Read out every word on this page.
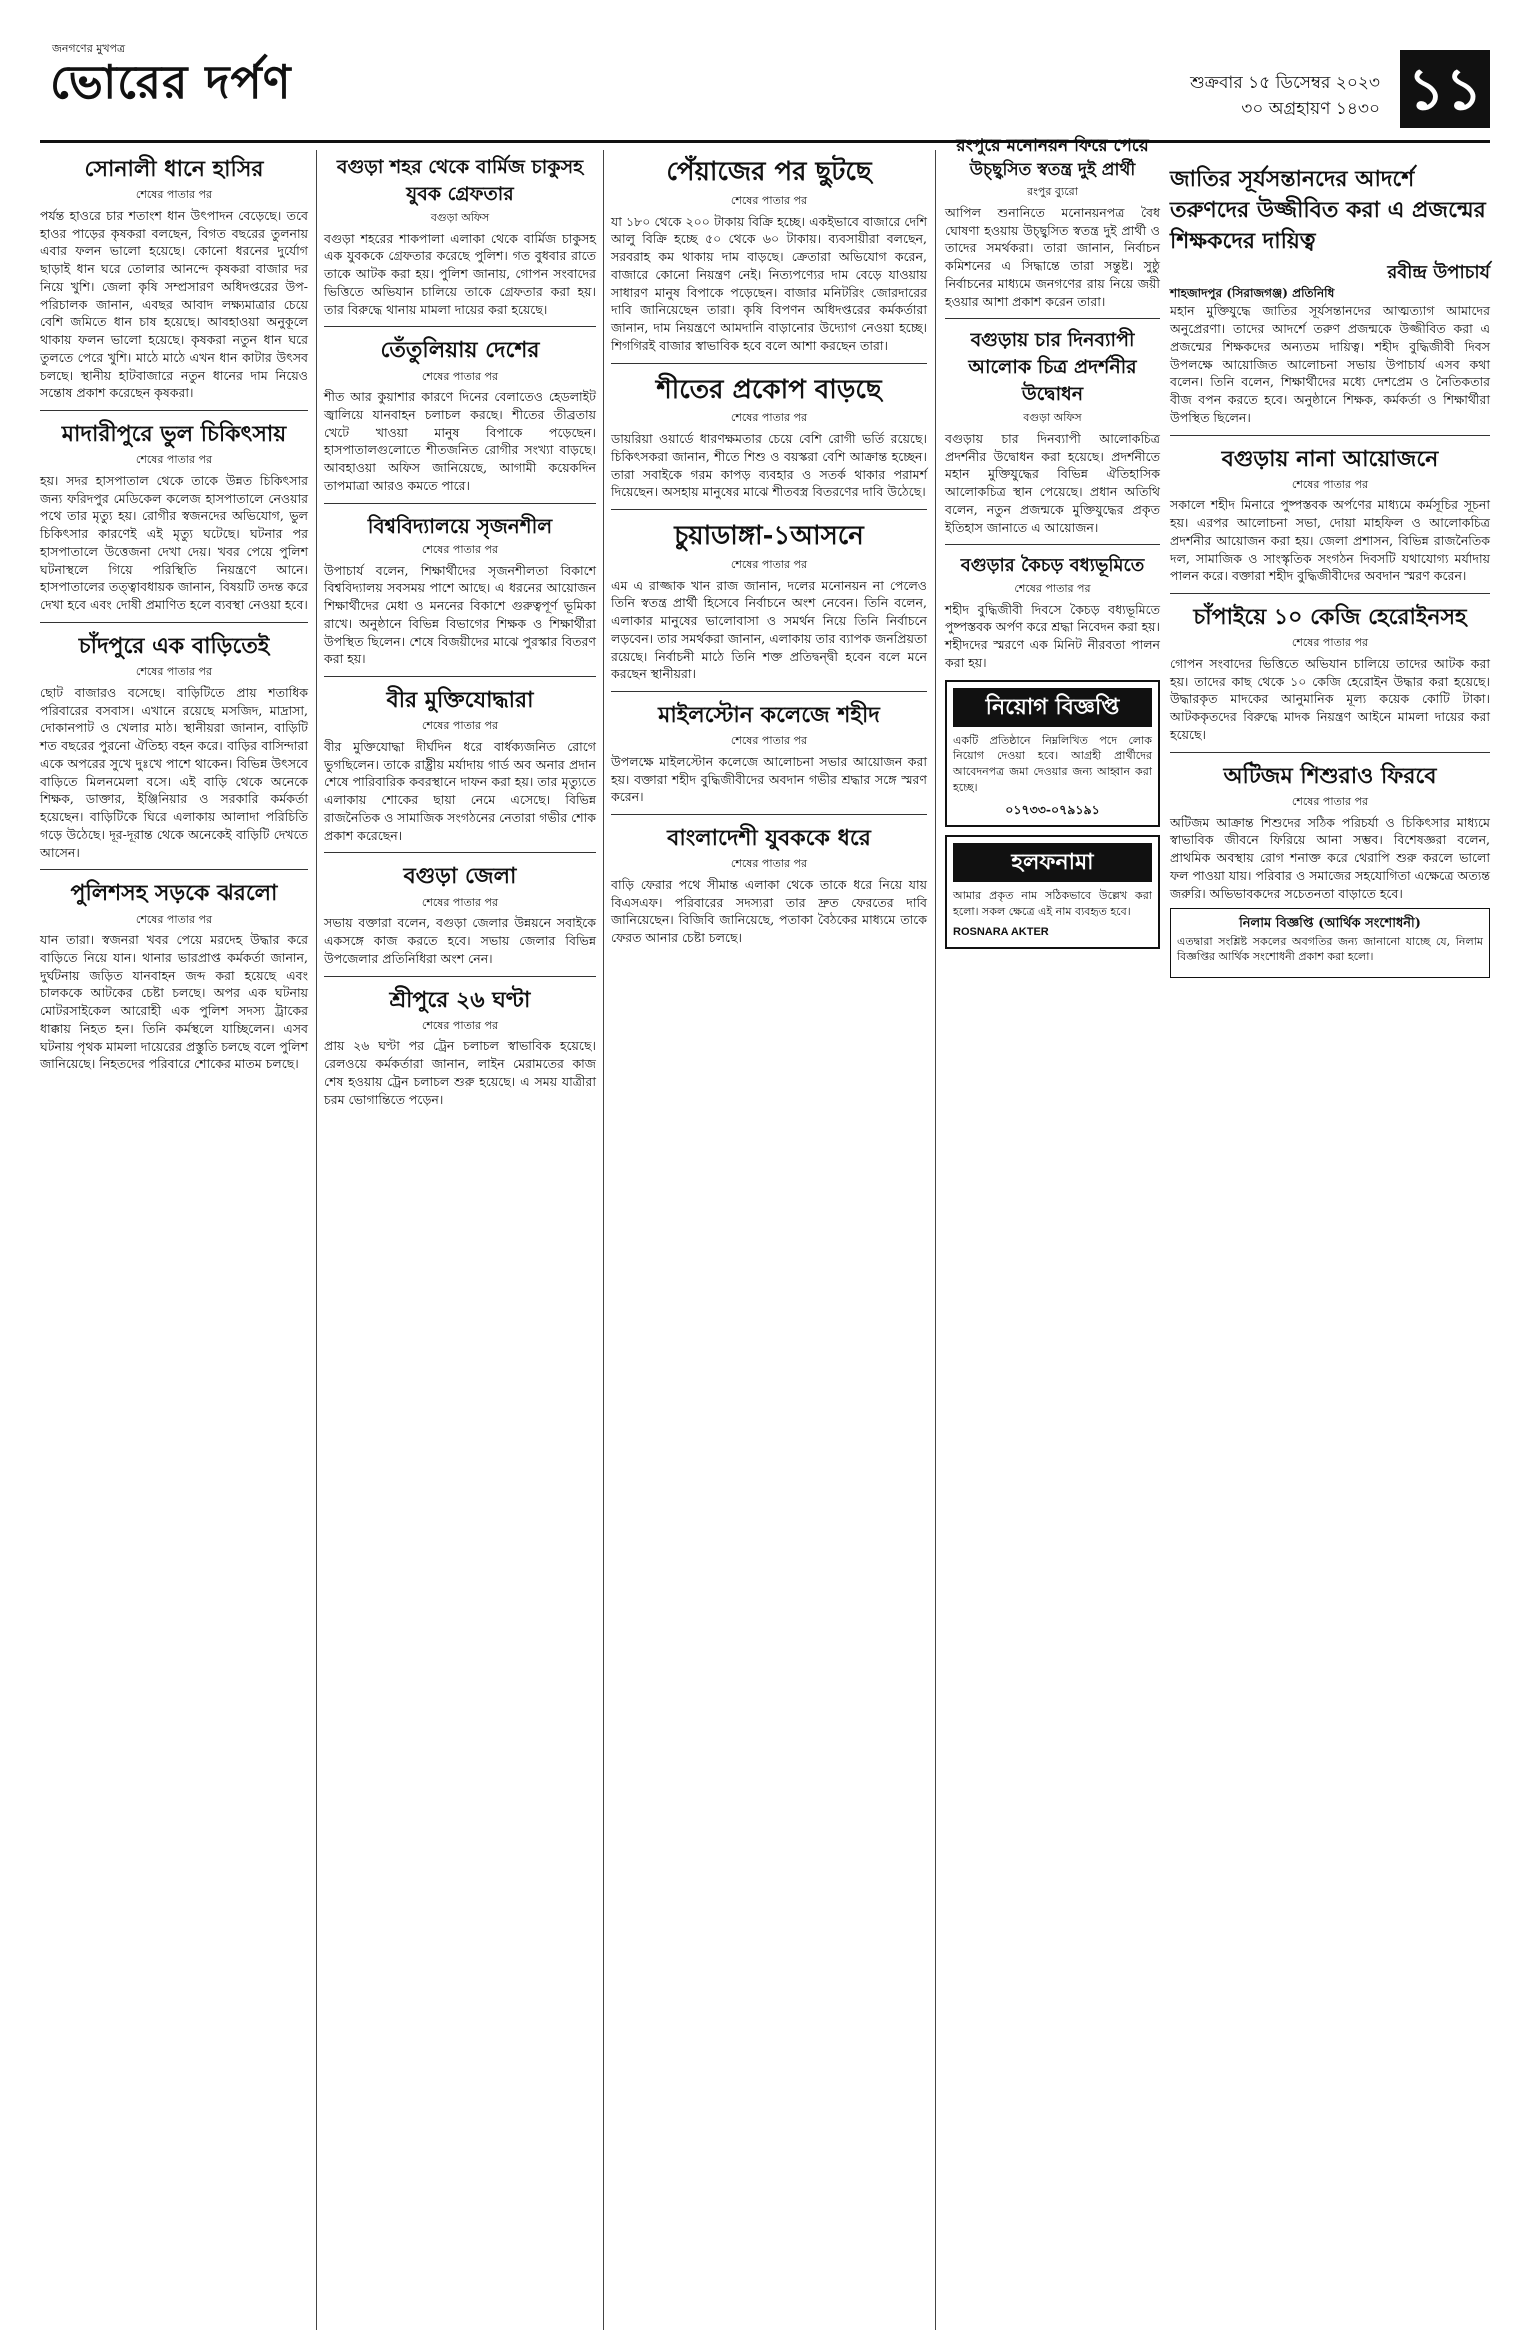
জনগণের মুখপত্র
ভোরের দর্পণ	শুক্রবার ১৫ ডিসেম্বর ২০২৩
৩০ অগ্রহায়ণ ১৪৩০ ১১
সোনালী ধানে হাসির
শেষের পাতার পর

পর্যন্ত হাওরে চার শতাংশ ধান উৎপাদন বেড়েছে। তবে হাওর পাড়ের কৃষকরা বলছেন, বিগত বছরের তুলনায় এবার ফলন ভালো হয়েছে। কোনো ধরনের দুর্যোগ ছাড়াই ধান ঘরে তোলার আনন্দে কৃষকরা বাজার দর নিয়ে খুশি। জেলা কৃষি সম্প্রসারণ অধিদপ্তরের উপ-পরিচালক জানান, এবছর আবাদ লক্ষ্যমাত্রার চেয়ে বেশি জমিতে ধান চাষ হয়েছে। আবহাওয়া অনুকূলে থাকায় ফলন ভালো হয়েছে। কৃষকরা নতুন ধান ঘরে তুলতে পেরে খুশি। মাঠে মাঠে এখন ধান কাটার উৎসব চলছে। স্থানীয় হাটবাজারে নতুন ধানের দাম নিয়েও সন্তোষ প্রকাশ করেছেন কৃষকরা।

মাদারীপুরে ভুল চিকিৎসায়
শেষের পাতার পর

হয়। সদর হাসপাতাল থেকে তাকে উন্নত চিকিৎসার জন্য ফরিদপুর মেডিকেল কলেজ হাসপাতালে নেওয়ার পথে তার মৃত্যু হয়। রোগীর স্বজনদের অভিযোগ, ভুল চিকিৎসার কারণেই এই মৃত্যু ঘটেছে। ঘটনার পর হাসপাতালে উত্তেজনা দেখা দেয়। খবর পেয়ে পুলিশ ঘটনাস্থলে গিয়ে পরিস্থিতি নিয়ন্ত্রণে আনে। হাসপাতালের তত্ত্বাবধায়ক জানান, বিষয়টি তদন্ত করে দেখা হবে এবং দোষী প্রমাণিত হলে ব্যবস্থা নেওয়া হবে।

চাঁদপুরে এক বাড়িতেই
শেষের পাতার পর

ছোট বাজারও বসেছে। বাড়িটিতে প্রায় শতাধিক পরিবারের বসবাস। এখানে রয়েছে মসজিদ, মাদ্রাসা, দোকানপাট ও খেলার মাঠ। স্থানীয়রা জানান, বাড়িটি শত বছরের পুরনো ঐতিহ্য বহন করে। বাড়ির বাসিন্দারা একে অপরের সুখে দুঃখে পাশে থাকেন। বিভিন্ন উৎসবে বাড়িতে মিলনমেলা বসে। এই বাড়ি থেকে অনেকে শিক্ষক, ডাক্তার, ইঞ্জিনিয়ার ও সরকারি কর্মকর্তা হয়েছেন। বাড়িটিকে ঘিরে এলাকায় আলাদা পরিচিতি গড়ে উঠেছে। দূর-দূরান্ত থেকে অনেকেই বাড়িটি দেখতে আসেন।

পুলিশসহ সড়কে ঝরলো
শেষের পাতার পর

যান তারা। স্বজনরা খবর পেয়ে মরদেহ উদ্ধার করে বাড়িতে নিয়ে যান। থানার ভারপ্রাপ্ত কর্মকর্তা জানান, দুর্ঘটনায় জড়িত যানবাহন জব্দ করা হয়েছে এবং চালককে আটকের চেষ্টা চলছে। অপর এক ঘটনায় মোটরসাইকেল আরোহী এক পুলিশ সদস্য ট্রাকের ধাক্কায় নিহত হন। তিনি কর্মস্থলে যাচ্ছিলেন। এসব ঘটনায় পৃথক মামলা দায়েরের প্রস্তুতি চলছে বলে পুলিশ জানিয়েছে। নিহতদের পরিবারে শোকের মাতম চলছে।

বগুড়া শহর থেকে বার্মিজ চাকুসহ যুবক গ্রেফতার
বগুড়া অফিস

বগুড়া শহরের শাকপালা এলাকা থেকে বার্মিজ চাকুসহ এক যুবককে গ্রেফতার করেছে পুলিশ। গত বুধবার রাতে তাকে আটক করা হয়। পুলিশ জানায়, গোপন সংবাদের ভিত্তিতে অভিযান চালিয়ে তাকে গ্রেফতার করা হয়। তার বিরুদ্ধে থানায় মামলা দায়ের করা হয়েছে।

তেঁতুলিয়ায় দেশের
শেষের পাতার পর

শীত আর কুয়াশার কারণে দিনের বেলাতেও হেডলাইট জ্বালিয়ে যানবাহন চলাচল করছে। শীতের তীব্রতায় খেটে খাওয়া মানুষ বিপাকে পড়েছেন। হাসপাতালগুলোতে শীতজনিত রোগীর সংখ্যা বাড়ছে। আবহাওয়া অফিস জানিয়েছে, আগামী কয়েকদিন তাপমাত্রা আরও কমতে পারে।

বিশ্ববিদ্যালয়ে সৃজনশীল
শেষের পাতার পর

উপাচার্য বলেন, শিক্ষার্থীদের সৃজনশীলতা বিকাশে বিশ্ববিদ্যালয় সবসময় পাশে আছে। এ ধরনের আয়োজন শিক্ষার্থীদের মেধা ও মননের বিকাশে গুরুত্বপূর্ণ ভূমিকা রাখে। অনুষ্ঠানে বিভিন্ন বিভাগের শিক্ষক ও শিক্ষার্থীরা উপস্থিত ছিলেন। শেষে বিজয়ীদের মাঝে পুরস্কার বিতরণ করা হয়।

বীর মুক্তিযোদ্ধারা
শেষের পাতার পর

বীর মুক্তিযোদ্ধা দীর্ঘদিন ধরে বার্ধক্যজনিত রোগে ভুগছিলেন। তাকে রাষ্ট্রীয় মর্যাদায় গার্ড অব অনার প্রদান শেষে পারিবারিক কবরস্থানে দাফন করা হয়। তার মৃত্যুতে এলাকায় শোকের ছায়া নেমে এসেছে। বিভিন্ন রাজনৈতিক ও সামাজিক সংগঠনের নেতারা গভীর শোক প্রকাশ করেছেন।

বগুড়া জেলা
শেষের পাতার পর

সভায় বক্তারা বলেন, বগুড়া জেলার উন্নয়নে সবাইকে একসঙ্গে কাজ করতে হবে। সভায় জেলার বিভিন্ন উপজেলার প্রতিনিধিরা অংশ নেন।

শ্রীপুরে ২৬ ঘণ্টা
শেষের পাতার পর

প্রায় ২৬ ঘণ্টা পর ট্রেন চলাচল স্বাভাবিক হয়েছে। রেলওয়ে কর্মকর্তারা জানান, লাইন মেরামতের কাজ শেষ হওয়ায় ট্রেন চলাচল শুরু হয়েছে। এ সময় যাত্রীরা চরম ভোগান্তিতে পড়েন।

পেঁয়াজের পর ছুটছে
শেষের পাতার পর

যা ১৮০ থেকে ২০০ টাকায় বিক্রি হচ্ছে। একইভাবে বাজারে দেশি আলু বিক্রি হচ্ছে ৫০ থেকে ৬০ টাকায়। ব্যবসায়ীরা বলছেন, সরবরাহ কম থাকায় দাম বাড়ছে। ক্রেতারা অভিযোগ করেন, বাজারে কোনো নিয়ন্ত্রণ নেই। নিত্যপণ্যের দাম বেড়ে যাওয়ায় সাধারণ মানুষ বিপাকে পড়েছেন। বাজার মনিটরিং জোরদারের দাবি জানিয়েছেন তারা। কৃষি বিপণন অধিদপ্তরের কর্মকর্তারা জানান, দাম নিয়ন্ত্রণে আমদানি বাড়ানোর উদ্যোগ নেওয়া হচ্ছে। শিগগিরই বাজার স্বাভাবিক হবে বলে আশা করছেন তারা।

শীতের প্রকোপ বাড়ছে
শেষের পাতার পর

ডায়রিয়া ওয়ার্ডে ধারণক্ষমতার চেয়ে বেশি রোগী ভর্তি রয়েছে। চিকিৎসকরা জানান, শীতে শিশু ও বয়স্করা বেশি আক্রান্ত হচ্ছেন। তারা সবাইকে গরম কাপড় ব্যবহার ও সতর্ক থাকার পরামর্শ দিয়েছেন। অসহায় মানুষের মাঝে শীতবস্ত্র বিতরণের দাবি উঠেছে।

চুয়াডাঙ্গা-১আসনে
শেষের পাতার পর

এম এ রাজ্জাক খান রাজ জানান, দলের মনোনয়ন না পেলেও তিনি স্বতন্ত্র প্রার্থী হিসেবে নির্বাচনে অংশ নেবেন। তিনি বলেন, এলাকার মানুষের ভালোবাসা ও সমর্থন নিয়ে তিনি নির্বাচনে লড়বেন। তার সমর্থকরা জানান, এলাকায় তার ব্যাপক জনপ্রিয়তা রয়েছে। নির্বাচনী মাঠে তিনি শক্ত প্রতিদ্বন্দ্বী হবেন বলে মনে করছেন স্থানীয়রা।

মাইলস্টোন কলেজে শহীদ
শেষের পাতার পর

উপলক্ষে মাইলস্টোন কলেজে আলোচনা সভার আয়োজন করা হয়। বক্তারা শহীদ বুদ্ধিজীবীদের অবদান গভীর শ্রদ্ধার সঙ্গে স্মরণ করেন।

বাংলাদেশী যুবককে ধরে
শেষের পাতার পর

বাড়ি ফেরার পথে সীমান্ত এলাকা থেকে তাকে ধরে নিয়ে যায় বিএসএফ। পরিবারের সদস্যরা তার দ্রুত ফেরতের দাবি জানিয়েছেন। বিজিবি জানিয়েছে, পতাকা বৈঠকের মাধ্যমে তাকে ফেরত আনার চেষ্টা চলছে।

রংপুরে মনোনয়ন ফিরে পেয়ে উচ্ছ্বসিত স্বতন্ত্র দুই প্রার্থী
রংপুর ব্যুরো

আপিল শুনানিতে মনোনয়নপত্র বৈধ ঘোষণা হওয়ায় উচ্ছ্বসিত স্বতন্ত্র দুই প্রার্থী ও তাদের সমর্থকরা। তারা জানান, নির্বাচন কমিশনের এ সিদ্ধান্তে তারা সন্তুষ্ট। সুষ্ঠু নির্বাচনের মাধ্যমে জনগণের রায় নিয়ে জয়ী হওয়ার আশা প্রকাশ করেন তারা।

বগুড়ায় চার দিনব্যাপী আলোক চিত্র প্রদর্শনীর উদ্বোধন
বগুড়া অফিস

বগুড়ায় চার দিনব্যাপী আলোকচিত্র প্রদর্শনীর উদ্বোধন করা হয়েছে। প্রদর্শনীতে মহান মুক্তিযুদ্ধের বিভিন্ন ঐতিহাসিক আলোকচিত্র স্থান পেয়েছে। প্রধান অতিথি বলেন, নতুন প্রজন্মকে মুক্তিযুদ্ধের প্রকৃত ইতিহাস জানাতে এ আয়োজন।

বগুড়ার কৈচড় বধ্যভূমিতে
শেষের পাতার পর

শহীদ বুদ্ধিজীবী দিবসে কৈচড় বধ্যভূমিতে পুষ্পস্তবক অর্পণ করে শ্রদ্ধা নিবেদন করা হয়। শহীদদের স্মরণে এক মিনিট নীরবতা পালন করা হয়।

নিয়োগ বিজ্ঞপ্তি

একটি প্রতিষ্ঠানে নিম্নলিখিত পদে লোক নিয়োগ দেওয়া হবে। আগ্রহী প্রার্থীদের আবেদনপত্র জমা দেওয়ার জন্য আহ্বান করা হচ্ছে।

০১৭৩৩-০৭৯১৯১
হলফনামা

আমার প্রকৃত নাম সঠিকভাবে উল্লেখ করা হলো। সকল ক্ষেত্রে এই নাম ব্যবহৃত হবে।

ROSNARA AKTER
জাতির সূর্যসন্তানদের আদর্শে তরুণদের উজ্জীবিত করা এ প্রজন্মের শিক্ষকদের দায়িত্ব
রবীন্দ্র উপাচার্য
শাহজাদপুর (সিরাজগঞ্জ) প্রতিনিধি

মহান মুক্তিযুদ্ধে জাতির সূর্যসন্তানদের আত্মত্যাগ আমাদের অনুপ্রেরণা। তাদের আদর্শে তরুণ প্রজন্মকে উজ্জীবিত করা এ প্রজন্মের শিক্ষকদের অন্যতম দায়িত্ব। শহীদ বুদ্ধিজীবী দিবস উপলক্ষে আয়োজিত আলোচনা সভায় উপাচার্য এসব কথা বলেন। তিনি বলেন, শিক্ষার্থীদের মধ্যে দেশপ্রেম ও নৈতিকতার বীজ বপন করতে হবে। অনুষ্ঠানে শিক্ষক, কর্মকর্তা ও শিক্ষার্থীরা উপস্থিত ছিলেন।

বগুড়ায় নানা আয়োজনে
শেষের পাতার পর

সকালে শহীদ মিনারে পুষ্পস্তবক অর্পণের মাধ্যমে কর্মসূচির সূচনা হয়। এরপর আলোচনা সভা, দোয়া মাহফিল ও আলোকচিত্র প্রদর্শনীর আয়োজন করা হয়। জেলা প্রশাসন, বিভিন্ন রাজনৈতিক দল, সামাজিক ও সাংস্কৃতিক সংগঠন দিবসটি যথাযোগ্য মর্যাদায় পালন করে। বক্তারা শহীদ বুদ্ধিজীবীদের অবদান স্মরণ করেন।

চাঁপাইয়ে ১০ কেজি হেরোইনসহ
শেষের পাতার পর

গোপন সংবাদের ভিত্তিতে অভিযান চালিয়ে তাদের আটক করা হয়। তাদের কাছ থেকে ১০ কেজি হেরোইন উদ্ধার করা হয়েছে। উদ্ধারকৃত মাদকের আনুমানিক মূল্য কয়েক কোটি টাকা। আটককৃতদের বিরুদ্ধে মাদক নিয়ন্ত্রণ আইনে মামলা দায়ের করা হয়েছে।

অটিজম শিশুরাও ফিরবে
শেষের পাতার পর

অটিজম আক্রান্ত শিশুদের সঠিক পরিচর্যা ও চিকিৎসার মাধ্যমে স্বাভাবিক জীবনে ফিরিয়ে আনা সম্ভব। বিশেষজ্ঞরা বলেন, প্রাথমিক অবস্থায় রোগ শনাক্ত করে থেরাপি শুরু করলে ভালো ফল পাওয়া যায়। পরিবার ও সমাজের সহযোগিতা এক্ষেত্রে অত্যন্ত জরুরি। অভিভাবকদের সচেতনতা বাড়াতে হবে।

নিলাম বিজ্ঞপ্তি (আর্থিক সংশোধনী)

এতদ্বারা সংশ্লিষ্ট সকলের অবগতির জন্য জানানো যাচ্ছে যে, নিলাম বিজ্ঞপ্তির আর্থিক সংশোধনী প্রকাশ করা হলো।
